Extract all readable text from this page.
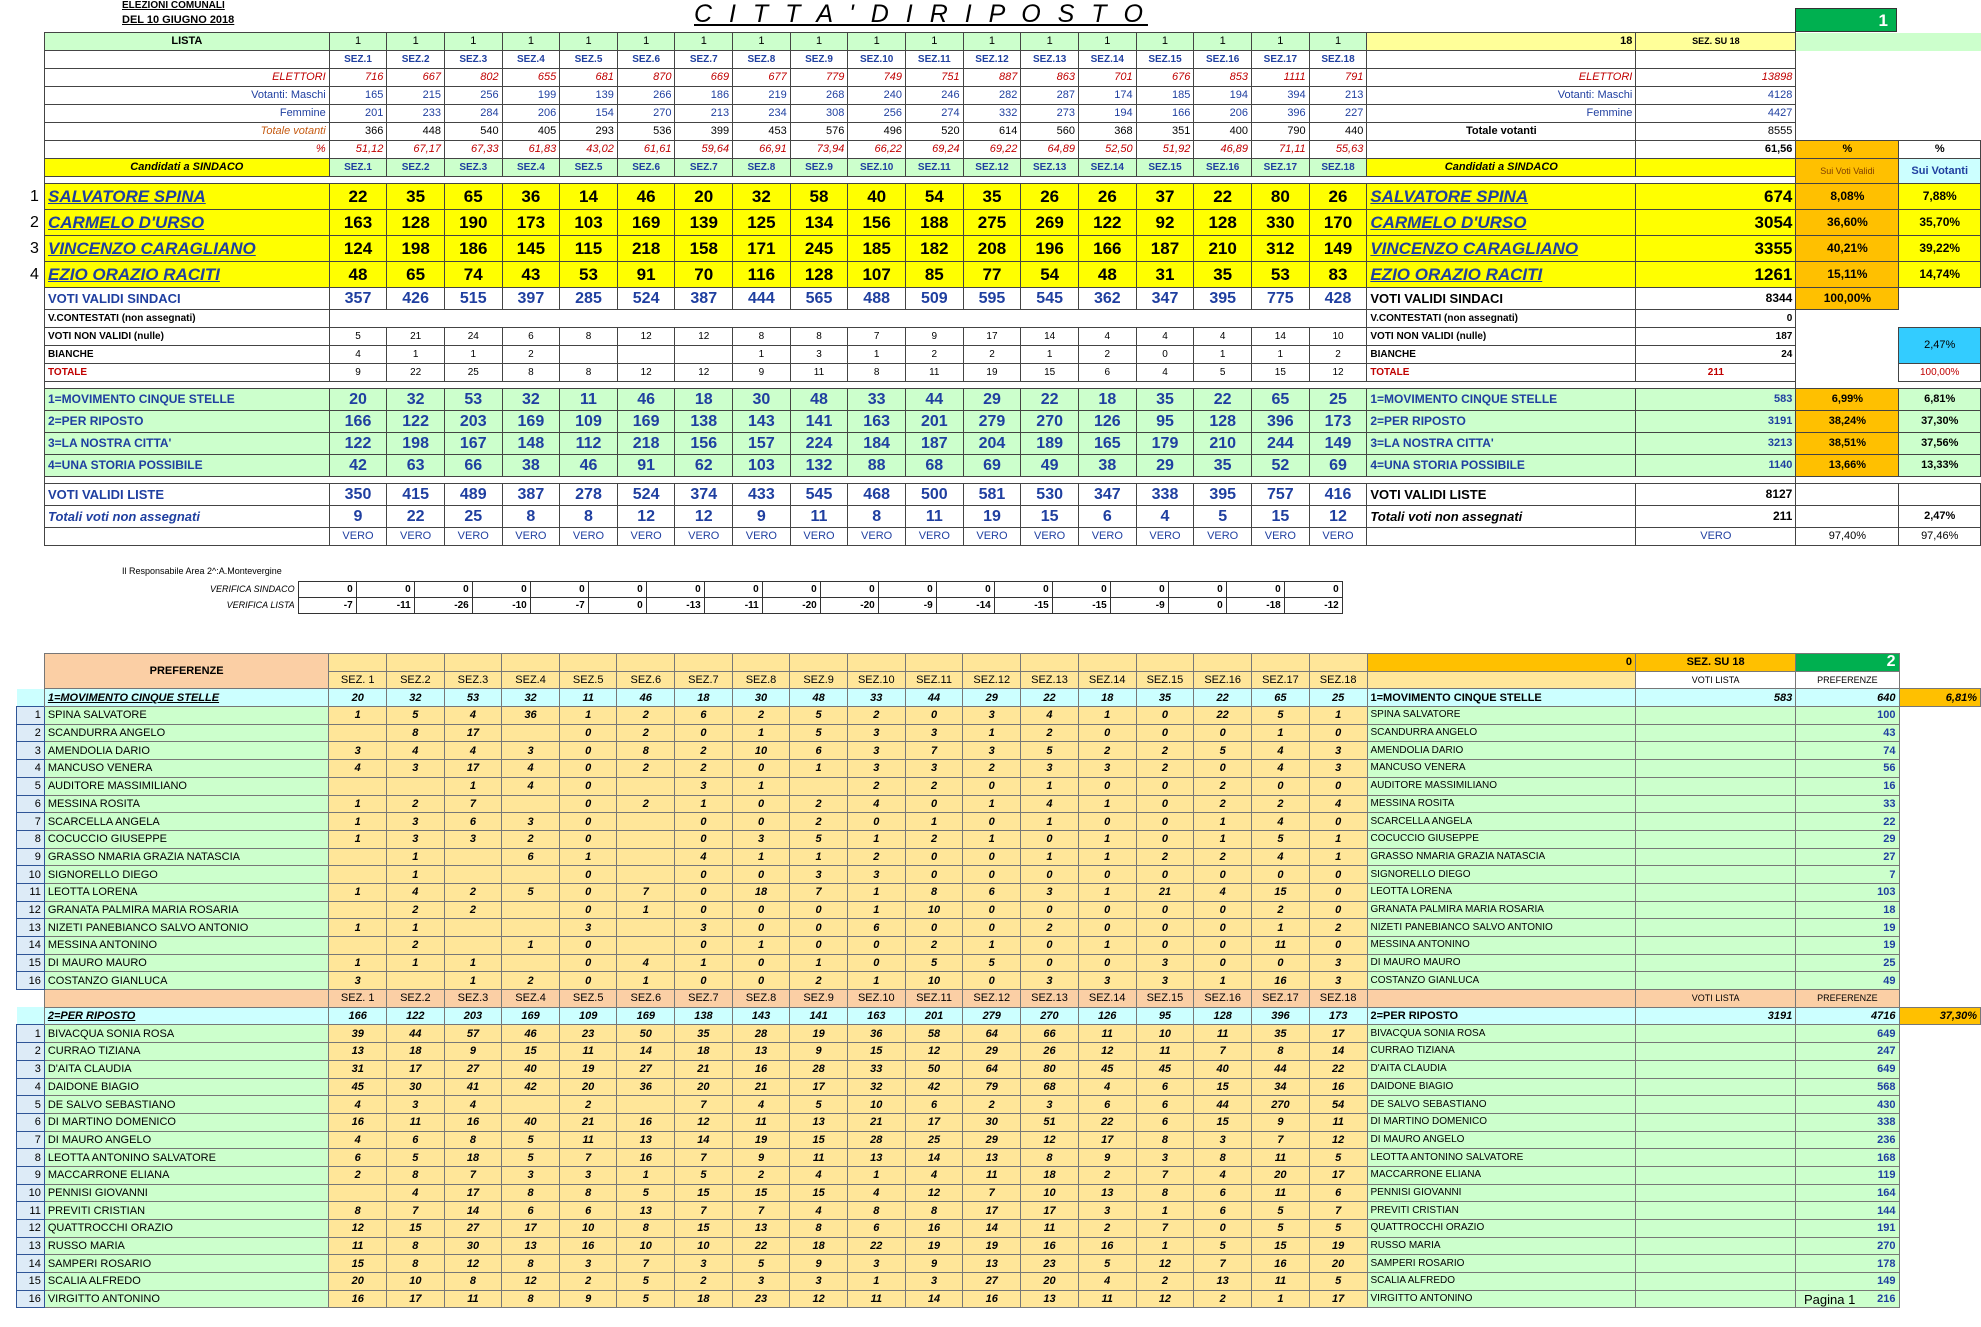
ELEZIONI COMUNALI
DEL 10 GIUGNO 2018	C I T T A ' D I R I P O S T O	1
LISTA	1	1	1	1	1	1	1	1	1	1	1	1	1	1	1	1	1	1	18	SEZ. SU 18		
	SEZ.1	SEZ.2	SEZ.3	SEZ.4	SEZ.5	SEZ.6	SEZ.7	SEZ.8	SEZ.9	SEZ.10	SEZ.11	SEZ.12	SEZ.13	SEZ.14	SEZ.15	SEZ.16	SEZ.17	SEZ.18				
ELETTORI	716	667	802	655	681	870	669	677	779	749	751	887	863	701	676	853	1111	791	ELETTORI	13898		
Votanti: Maschi	165	215	256	199	139	266	186	219	268	240	246	282	287	174	185	194	394	213	Votanti: Maschi	4128		
Femmine	201	233	284	206	154	270	213	234	308	256	274	332	273	194	166	206	396	227	Femmine	4427		
Totale votanti	366	448	540	405	293	536	399	453	576	496	520	614	560	368	351	400	790	440	Totale votanti	8555		
%	51,12	67,17	67,33	61,83	43,02	61,61	59,64	66,91	73,94	66,22	69,24	69,22	64,89	52,50	51,92	46,89	71,11	55,63		61,56	%	%
Candidati a SINDACO	SEZ.1	SEZ.2	SEZ.3	SEZ.4	SEZ.5	SEZ.6	SEZ.7	SEZ.8	SEZ.9	SEZ.10	SEZ.11	SEZ.12	SEZ.13	SEZ.14	SEZ.15	SEZ.16	SEZ.17	SEZ.18	Candidati a SINDACO		Sui Voti Validi	Sui Votanti

SALVATORE SPINA	22	35	65	36	14	46	20	32	58	40	54	35	26	26	37	22	80	26	SALVATORE SPINA	674	8,08%	7,88%
CARMELO D'URSO	163	128	190	173	103	169	139	125	134	156	188	275	269	122	92	128	330	170	CARMELO D'URSO	3054	36,60%	35,70%
VINCENZO CARAGLIANO	124	198	186	145	115	218	158	171	245	185	182	208	196	166	187	210	312	149	VINCENZO CARAGLIANO	3355	40,21%	39,22%
EZIO ORAZIO RACITI	48	65	74	43	53	91	70	116	128	107	85	77	54	48	31	35	53	83	EZIO ORAZIO RACITI	1261	15,11%	14,74%
VOTI VALIDI SINDACI	357	426	515	397	285	524	387	444	565	488	509	595	545	362	347	395	775	428	VOTI VALIDI SINDACI	8344	100,00%	
V.CONTESTATI (non assegnati)																			V.CONTESTATI (non assegnati)	0		
VOTI NON VALIDI (nulle)	5	21	24	6	8	12	12	8	8	7	9	17	14	4	4	4	14	10	VOTI NON VALIDI (nulle)	187		2,47%
BIANCHE	4	1	1	2				1	3	1	2	2	1	2	0	1	1	2	BIANCHE	24		
TOTALE	9	22	25	8	8	12	12	9	11	8	11	19	15	6	4	5	15	12	TOTALE	211		100,00%

1=MOVIMENTO CINQUE STELLE	20	32	53	32	11	46	18	30	48	33	44	29	22	18	35	22	65	25	1=MOVIMENTO CINQUE STELLE	583	6,99%	6,81%
2=PER RIPOSTO	166	122	203	169	109	169	138	143	141	163	201	279	270	126	95	128	396	173	2=PER RIPOSTO	3191	38,24%	37,30%
3=LA NOSTRA CITTA'	122	198	167	148	112	218	156	157	224	184	187	204	189	165	179	210	244	149	3=LA NOSTRA CITTA'	3213	38,51%	37,56%
4=UNA STORIA POSSIBILE	42	63	66	38	46	91	62	103	132	88	68	69	49	38	29	35	52	69	4=UNA STORIA POSSIBILE	1140	13,66%	13,33%

VOTI VALIDI LISTE	350	415	489	387	278	524	374	433	545	468	500	581	530	347	338	395	757	416	VOTI VALIDI LISTE	8127		
Totali voti non assegnati	9	22	25	8	8	12	12	9	11	8	11	19	15	6	4	5	15	12	Totali voti non assegnati	211		2,47%
	VERO	VERO	VERO	VERO	VERO	VERO	VERO	VERO	VERO	VERO	VERO	VERO	VERO	VERO	VERO	VERO	VERO	VERO		VERO	97,40%	97,46%
Il Responsabile Area 2^:A.Montevergine
VERIFICA SINDACO	0	0	0	0	0	0	0	0	0	0	0	0	0	0	0	0	0	0
VERIFICA LISTA	-7	-11	-26	-10	-7	0	-13	-11	-20	-20	-9	-14	-15	-15	-9	0	-18	-12
	PREFERENZE																			0	SEZ. SU 18	2	
		SEZ. 1	SEZ.2	SEZ.3	SEZ.4	SEZ.5	SEZ.6	SEZ.7	SEZ.8	SEZ.9	SEZ.10	SEZ.11	SEZ.12	SEZ.13	SEZ.14	SEZ.15	SEZ.16	SEZ.17	SEZ.18		VOTI LISTA	PREFERENZE	
	1=MOVIMENTO CINQUE STELLE	20	32	53	32	11	46	18	30	48	33	44	29	22	18	35	22	65	25	1=MOVIMENTO CINQUE STELLE	583	640	6,81%
1	SPINA SALVATORE	1	5	4	36	1	2	6	2	5	2	0	3	4	1	0	22	5	1	SPINA SALVATORE		100	
2	SCANDURRA ANGELO		8	17		0	2	0	1	5	3	3	1	2	0	0	0	1	0	SCANDURRA ANGELO		43	
3	AMENDOLIA DARIO	3	4	4	3	0	8	2	10	6	3	7	3	5	2	2	5	4	3	AMENDOLIA DARIO		74	
4	MANCUSO VENERA	4	3	17	4	0	2	2	0	1	3	3	2	3	3	2	0	4	3	MANCUSO VENERA		56	
5	AUDITORE MASSIMILIANO			1	4	0		3	1		2	2	0	1	0	0	2	0	0	AUDITORE MASSIMILIANO		16	
6	MESSINA ROSITA	1	2	7		0	2	1	0	2	4	0	1	4	1	0	2	2	4	MESSINA ROSITA		33	
7	SCARCELLA ANGELA	1	3	6	3	0		0	0	2	0	1	0	1	0	0	1	4	0	SCARCELLA ANGELA		22	
8	COCUCCIO GIUSEPPE	1	3	3	2	0		0	3	5	1	2	1	0	1	0	1	5	1	COCUCCIO GIUSEPPE		29	
9	GRASSO NMARIA GRAZIA NATASCIA		1		6	1		4	1	1	2	0	0	1	1	2	2	4	1	GRASSO NMARIA GRAZIA NATASCIA		27	
10	SIGNORELLO DIEGO		1			0		0	0	3	3	0	0	0	0	0	0	0	0	SIGNORELLO DIEGO		7	
11	LEOTTA LORENA	1	4	2	5	0	7	0	18	7	1	8	6	3	1	21	4	15	0	LEOTTA LORENA		103	
12	GRANATA PALMIRA MARIA ROSARIA		2	2		0	1	0	0	0	1	10	0	0	0	0	0	2	0	GRANATA PALMIRA MARIA ROSARIA		18	
13	NIZETI PANEBIANCO SALVO ANTONIO	1	1			3		3	0	0	6	0	0	2	0	0	0	1	2	NIZETI PANEBIANCO SALVO ANTONIO		19	
14	MESSINA ANTONINO		2		1	0		0	1	0	0	2	1	0	1	0	0	11	0	MESSINA ANTONINO		19	
15	DI MAURO MAURO	1	1	1		0	4	1	0	1	0	5	5	0	0	3	0	0	3	DI MAURO MAURO		25	
16	COSTANZO GIANLUCA	3		1	2	0	1	0	0	2	1	10	0	3	3	3	1	16	3	COSTANZO GIANLUCA		49	
		SEZ. 1	SEZ.2	SEZ.3	SEZ.4	SEZ.5	SEZ.6	SEZ.7	SEZ.8	SEZ.9	SEZ.10	SEZ.11	SEZ.12	SEZ.13	SEZ.14	SEZ.15	SEZ.16	SEZ.17	SEZ.18		VOTI LISTA	PREFERENZE	
	2=PER RIPOSTO	166	122	203	169	109	169	138	143	141	163	201	279	270	126	95	128	396	173	2=PER RIPOSTO	3191	4716	37,30%
1	BIVACQUA SONIA ROSA	39	44	57	46	23	50	35	28	19	36	58	64	66	11	10	11	35	17	BIVACQUA SONIA ROSA		649	
2	CURRAO TIZIANA	13	18	9	15	11	14	18	13	9	15	12	29	26	12	11	7	8	14	CURRAO TIZIANA		247	
3	D'AITA CLAUDIA	31	17	27	40	19	27	21	16	28	33	50	64	80	45	45	40	44	22	D'AITA CLAUDIA		649	
4	DAIDONE BIAGIO	45	30	41	42	20	36	20	21	17	32	42	79	68	4	6	15	34	16	DAIDONE BIAGIO		568	
5	DE SALVO SEBASTIANO	4	3	4		2		7	4	5	10	6	2	3	6	6	44	270	54	DE SALVO SEBASTIANO		430	
6	DI MARTINO DOMENICO	16	11	16	40	21	16	12	11	13	21	17	30	51	22	6	15	9	11	DI MARTINO DOMENICO		338	
7	DI MAURO ANGELO	4	6	8	5	11	13	14	19	15	28	25	29	12	17	8	3	7	12	DI MAURO ANGELO		236	
8	LEOTTA ANTONINO SALVATORE	6	5	18	5	7	16	7	9	11	13	14	13	8	9	3	8	11	5	LEOTTA ANTONINO SALVATORE		168	
9	MACCARRONE ELIANA	2	8	7	3	3	1	5	2	4	1	4	11	18	2	7	4	20	17	MACCARRONE ELIANA		119	
10	PENNISI GIOVANNI		4	17	8	8	5	15	15	15	4	12	7	10	13	8	6	11	6	PENNISI GIOVANNI		164	
11	PREVITI CRISTIAN	8	7	14	6	6	13	7	7	4	8	8	17	17	3	1	6	5	7	PREVITI CRISTIAN		144	
12	QUATTROCCHI ORAZIO	12	15	27	17	10	8	15	13	8	6	16	14	11	2	7	0	5	5	QUATTROCCHI ORAZIO		191	
13	RUSSO MARIA	11	8	30	13	16	10	10	22	18	22	19	19	16	16	1	5	15	19	RUSSO MARIA		270	
14	SAMPERI ROSARIO	15	8	12	8	3	7	3	5	9	3	9	13	23	5	12	7	16	20	SAMPERI ROSARIO		178	
15	SCALIA ALFREDO	20	10	8	12	2	5	2	3	3	1	3	27	20	4	2	13	11	5	SCALIA ALFREDO		149	
16	VIRGITTO ANTONINO	16	17	11	8	9	5	18	23	12	11	14	16	13	11	12	2	1	17	VIRGITTO ANTONINO		216	
Pagina 1
1
2
3
4
